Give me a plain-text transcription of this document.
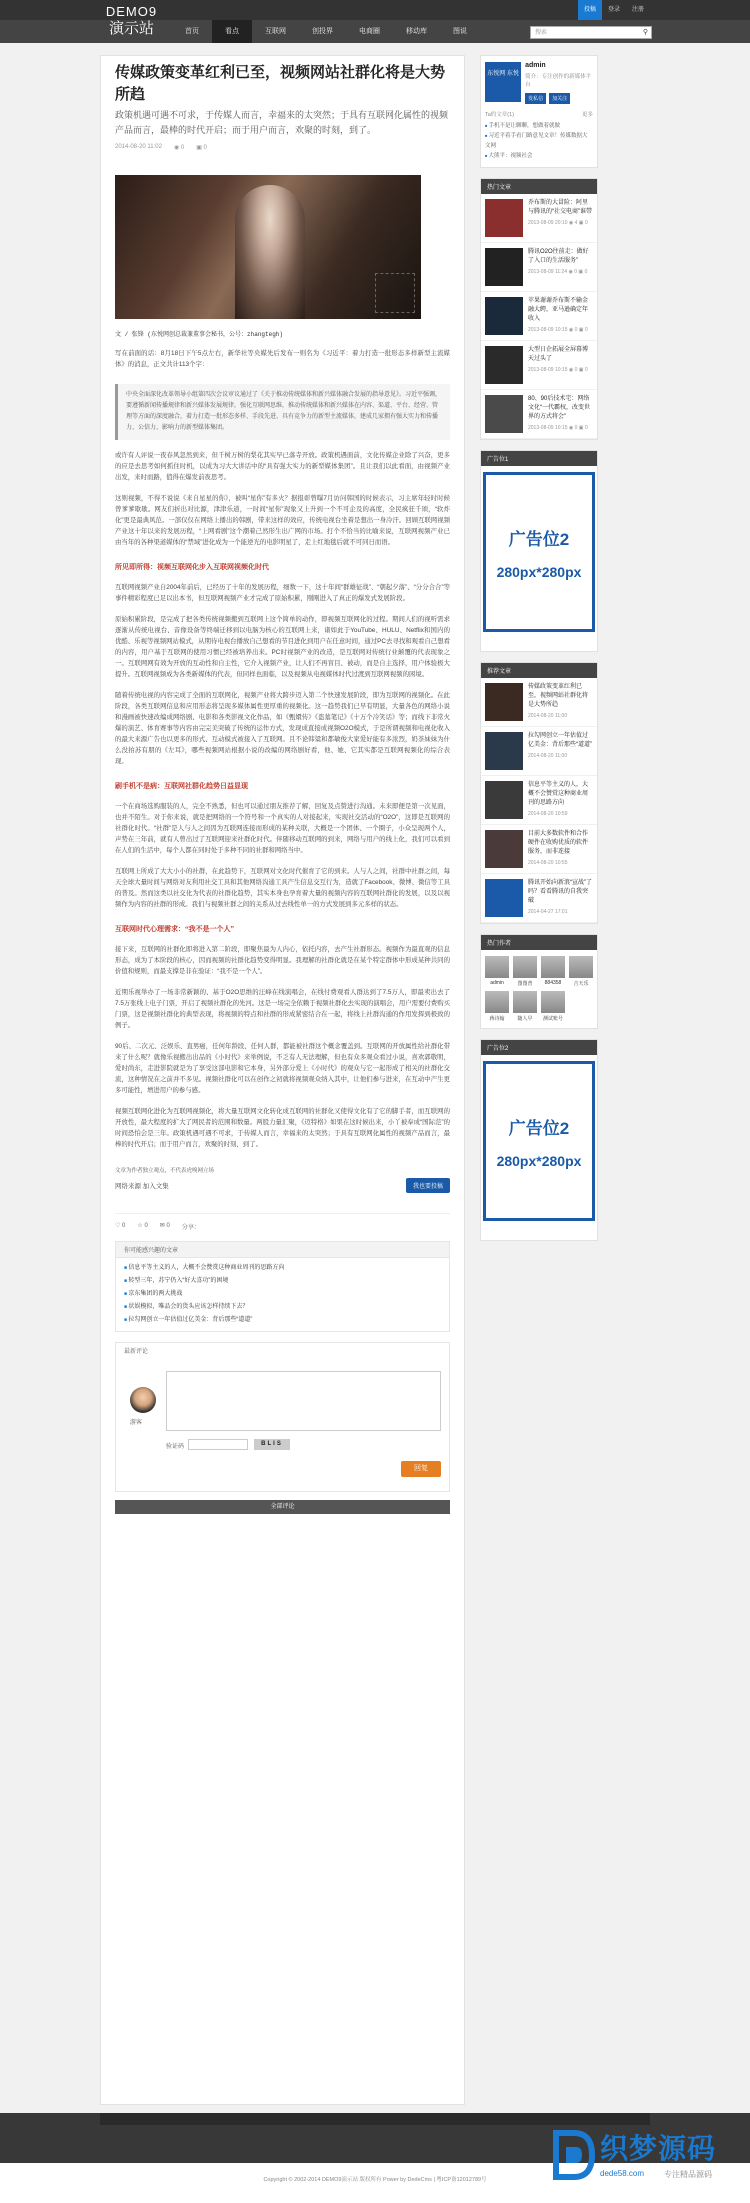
投稿	登录	注册
DEMO9
演示站	首页	看点	互联网	创投界	电商圈	移动库	图说	搜索	⚲
传媒政策变革红利已至，视频网站社群化将是大势所趋
政策机遇可遇不可求，于传媒人而言，幸福来的太突然；于具有互联网化属性的视频产品而言，最棒的时代开启；而于用户而言，欢聚的时刻，到了。
2014-08-20 11:02 ◉ 0 ▣ 0
文 / 张锋 (东悦网创总裁兼董事会秘书，公号：zhangtegh)

写在前面的话：8月18日下午5点左右，新华社等央媒先后发布一则名为《习近平：着力打造一批形态多样新型主流媒体》的消息，正文共计113个字：

中央全面深化改革领导小组第四次会议审议通过了《关于推动传统媒体和新兴媒体融合发展的指导意见》。习近平强调，要遵循新闻传播规律和新兴媒体发展规律，强化互联网思维，推动传统媒体和新兴媒体在内容、渠道、平台、经营、管理等方面的深度融合，着力打造一批形态多样、手段先进、具有竞争力的新型主流媒体，建成几家拥有强大实力和传播力、公信力、影响力的新型媒体集团。

或许有人评说一夜春风忽然到来，但千树万树的梨花其实早已落寺开放。政策机遇面前，文化传媒企业除了兴奋，更多的应是去思考如何抓住时机，以成为习大大讲话中的“具有强大实力的新型媒体集团”。且让我们以此看面，由视频产业出发，来时而路，值得在爆发前夜思考。

这则视频，不得不说说《来自星星的你》，被叫“星你”有多火？据报彰曾曝7月访问韩国的时候表示，习主席年轻时时候曾爹爹歇歇。网友们折出对比源，津津乐道，一时间“星你”现象又上升到一个不可企及的高度，全民疯狂千颂，“软炸化”更是最典风范。一部仅仅在网络上播出的韩剧，带来这样的效应，传统电视台坐着是想出一身冷汗。回顾互联网视频产业这十年以来的发展历程，“上网看剧”这个潮着己然形生出广网的市场。打个不恰当的比喻来说，互联网视频产业已由当年的各种渠道媒体的“禁域”进化成为一个能逆光的电影明星了，走上红地毯后就不可同日而语。

所见即所得：视频互联网化步入互联网视频化时代

互联网视频产业自2004年前后，已经历了十年的发展历程，细数一下，这十年间“群雄征战”、“朝起夕落”、“分分合合”等事件精彩程度已足以出本书，但互联网视频产业才完成了原始积累，刚刚进入了真正的爆发式发展阶段。

原始积累阶段，是完成了把各类传统视频搬到互联网上这个简单的动作，即视频互联网化的过程。期间人们的视听需求逐渐从传统电视台、音像设备等终端迁移到以电脑为核心的互联网上来，诸如此于YouTube、HULU、Netflix和国内的优酷、乐视等视频网站模式，从期待电视台播放自己想看的节目进化到用户在任意时间，通过PC去寻找和观看自己想看的内容，用户基于互联网的使用习惯已经被培养出来。PC时视频产业的改造，是互联网对传统行业颠覆的代表现象之一。互联网网有效为开放的互动性和自主性，它介入视频产业，让人们不再盲目、被动，而是自主选择，用户体验极大提升。互联网视频成为各类新媒体的代表，但同样也面临，以及视频从电视媒体时代过渡到互联网视频的困境。

随着传统电视的内容完成了全面的互联网化，视频产业将大跨步迈入第二个快速发展阶段，即为互联网的视频化。在此阶段，各类互联网信息和应用形态将呈现多媒体属性更厚重的视频化。这一趋势我们已早有明显，大量各色的网络小说和漫画被快速改编成网络剧、电影和各类影视文化作品，如《甄嬛传》《盗墓笔记》《十万个冷笑话》等；而线下非常火爆的演艺、体育赛事等内容由完完美突破了传统的运作方式，发现成直接成视频O2O模式，于是所谓视频和电视化收入的最大来源广告也以更多的形式、互动模式被接入了互联网。且不论韩粱和都敏俊大家爱好能有多浓烈，奶茶妹妹为什么没拍苏有朋的《左耳》，哪些视频网站根据小说的改编的网络剧好看，他、她、它其实都是互联网视频化的综合表现。

刷手机不是病：互联网社群化趋势日益显现

一个在商场选购服装的人，完全不熟悉，但也可以通过朋友推荐了解，回复及点赞进行沟通。未来即便是第一次见面，也并不陌生。对于你来说，就是把网络的一个符号和一个真实的人对接起来，实现社交活动的“O2O”，这即是互联网的社群化时代。“社群”是人与人之间因为互联网连接而形成的某种关联，大概是一个团体、一个圈子，小众呈现两个人，声势在三年前，就有人曾出过了互联网迎来社群化时代。伴随移动互联网的到来，网络与用户的线上化，我们可以看到在人们的生活中，每个人都在同时处于多种不同的社群和网络当中。

互联网上所成了大大小小的社群，在此趋势下，互联网对文化时代催育了它的到来。人与人之间，社群中社群之间，每天全球大量时间与网络对友利用社交工具和其他网络沟通工具产生信息交互行为，造就了Facebook、微博、微信等工具的普及。然而这类以社交化为代表的社群化趋势，其实本身也孕育着大量的视频内容的互联网社群化的发展，以及以视频作为内容的社群的形成。我们与视频社群之间的关系从过去线性单一的方式发展到多元多样的状态。

互联网时代心理需求：“我不是一个人”

接下来，互联网的社群化即将进入第二阶段，即聚焦最为人内心，依托内容，去产生社群形态。视频作为最直观的信息形态，成为了本阶段的核心，因而视频的社群化趋势变得明显。我理解的社群化就是在某个特定群体中形成某种共同的价值和规则，而最支撑是非在验证：“我不是一个人”。

近期乐视举办了一场非常新颖的、基于O2O思维的汪峰在线演唱会，在线付费观看人群达到了7.5万人，即最卖出去了7.5万张线上电子门票，开启了视频社群化的先河。这是一场完全依赖于视频社群化去实现的演唱会，用户需要付费购买门票，这是视频社群化的典型表现，将视频的特点和社群的形成紧密结合在一起，将线上社群沟通的作用发挥到极致的例子。

90后、二次元、泛娱乐、直男癌，任何年龄段、任何人群，都能被社群这个概念覆盖到。互联网的开放属性给社群化带来了什么呢？就像乐视搬出出品的《小时代》来举例说，不乏有人无法理解，但也有众多观众看过小说，喜欢郭敬明，爱时尚东，走进影院就是为了享受这部电影和它本身，另外部分爱上《小时代》的观众与它一起形成了相关的社群化交流，这种情况在之前并不多见。视频社群化可以在创作之初就将视频观众纳入其中，让他们参与进来，在互动中产生更多可能性，增进用户的参与感。

视频互联网化进化为互联网视频化，将大量互联网文化转化成互联网的社群化又使得文化有了它的脚手者，而互联网的开放性，最大程度的扩大了网民者的范围和数量。两股力量汇聚，《迈特格》如果在这时候出来，小丫被奉成“国际范”的时间恐怕会是三年。政策机遇可遇不可求，于传媒人而言，幸福来的太突然；于具有互联网化属性的视频产品而言，最棒的时代开启；而于用户而言，欢聚的时刻，到了。

文章为作者独立观点，不代表虎嗅网立场
网络来源 加入文集	我也要投稿
♡ 0 ☆ 0 ✉ 0 分享：
你可能感兴趣的文章
■ 信息平等主义的人，大概不会赞赏这种商业周刊的思路方向
■ 转型三年，苏宁仍入“好大喜功”的困境
■ 京东集团的两大挑战
■ 状娱模拟，唯品会的货头应该怎样持续下去？
■ 拉勾网创立一年估值过亿美金：背后那些“道道”
最新评论
游客
验证码	BLIS
回复
全部评论
东悦网 东悦
admin
简介：专注创作的新媒体平台
发私信	加关注
Ta的文章(1)	更多
■ 手机不是让聊聊，想做着就做
■ 习近平着手看门路意见文章！传媒数据大文网
■ 大熊平：视频社会
热门文章
乔布斯的大冒险：阿里与腾讯的“社交电商”谁带
2013-08-09 20:10 ◉ 4 ▣ 0
腾讯O2O往前走：做好了入口的生活服务”
2013-08-09 11:24 ◉ 0 ▣ 0
苹果谢谢乔布斯不输金融大鳄，亚马逊确定年收入
2013-08-09 10:15 ◉ 0 ▣ 0
大型日企拓展全屏幕博天过头了
2013-08-09 10:15 ◉ 0 ▣ 0
80、90后技术宅：网络文化“一代霸权，改变世界的方式将会”
2013-08-09 10:15 ◉ 0 ▣ 0
广告位1
广告位2
280px*280px
推荐文章
传媒政策变革红利已至，视频网站社群化将是大势所趋
2014-08-20 11:00
拉勾网创立一年估值过亿美金：背后那些“道道”
2014-08-20 11:00
信息平等主义的人，大概不会赞赏这种商业周刊的思路方向
2014-08-20 10:59
目前大多数软件和合作硬件在收购优质的软件服务，而非连接
2014-08-20 10:55
腾讯开始向新浪“宣战”了吗？看看腾讯的自我突破
2014-04-27 17:01
热门作者
admin	图图普	884358	吉天乐
蒋诗翰	随人早	测试账号
广告位2
广告位2
280px*280px
Copyright © 2002-2014 DEMO9演示站 版权所有 Power by DedeCms | 粤ICP备12012789号
织梦源码
dede58.com 专注精品源码
